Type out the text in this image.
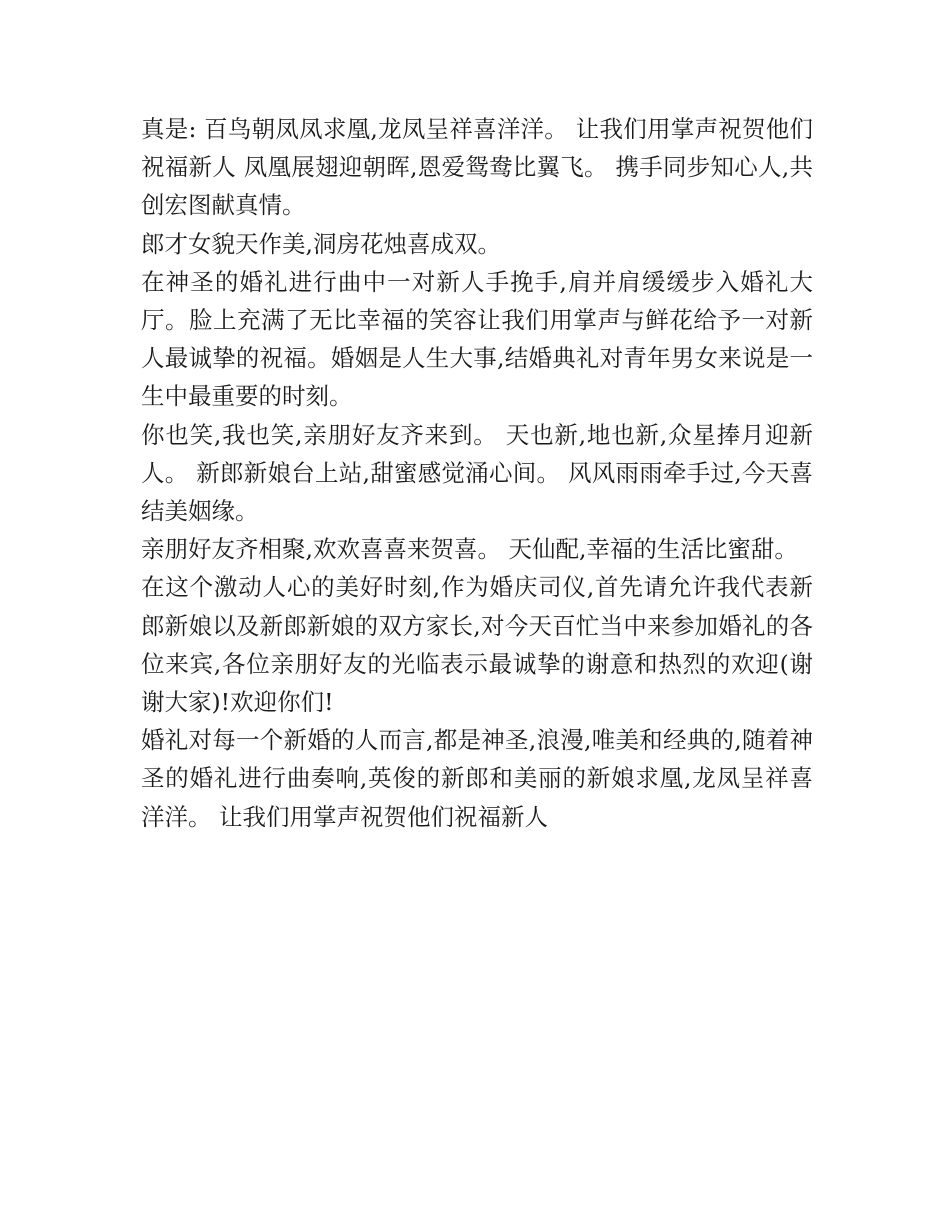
真是: 百鸟朝凤凤求凰,龙凤呈祥喜洋洋。 让我们用掌声祝贺他们祝福新人 凤凰展翅迎朝晖,恩爱鸳鸯比翼飞。 携手同步知心人,共创宏图献真情。

郎才女貌天作美,洞房花烛喜成双。

在神圣的婚礼进行曲中一对新人手挽手,肩并肩缓缓步入婚礼大厅。脸上充满了无比幸福的笑容让我们用掌声与鲜花给予一对新人最诚挚的祝福。婚姻是人生大事,结婚典礼对青年男女来说是一生中最重要的时刻。

你也笑,我也笑,亲朋好友齐来到。 天也新,地也新,众星捧月迎新人。 新郎新娘台上站,甜蜜感觉涌心间。 风风雨雨牵手过,今天喜结美姻缘。

亲朋好友齐相聚,欢欢喜喜来贺喜。 天仙配,幸福的生活比蜜甜。

在这个激动人心的美好时刻,作为婚庆司仪,首先请允许我代表新郎新娘以及新郎新娘的双方家长,对今天百忙当中来参加婚礼的各位来宾,各位亲朋好友的光临表示最诚挚的谢意和热烈的欢迎(谢谢大家)!欢迎你们!

婚礼对每一个新婚的人而言,都是神圣,浪漫,唯美和经典的,随着神圣的婚礼进行曲奏响,英俊的新郎和美丽的新娘求凰,龙凤呈祥喜洋洋。 让我们用掌声祝贺他们祝福新人
